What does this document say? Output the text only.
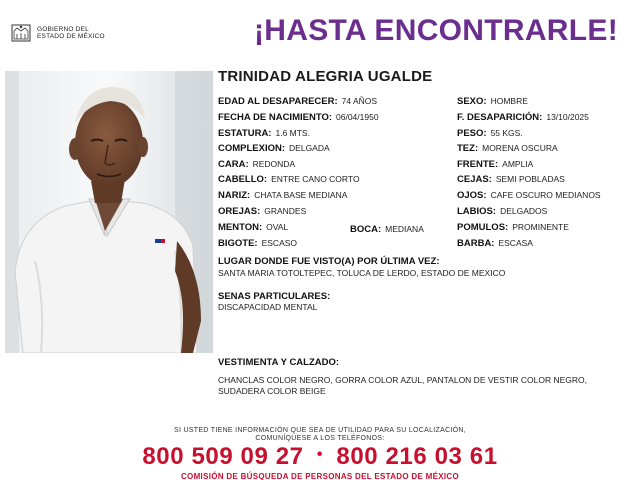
GOBIERNO DEL
ESTADO DE MÉXICO	¡HASTA ENCONTRARLE!
TRINIDAD ALEGRIA UGALDE
EDAD AL DESAPARECER: 74 AÑOS
FECHA DE NACIMIENTO: 06/04/1950
ESTATURA: 1.6 MTS.
COMPLEXION: DELGADA
CARA: REDONDA
CABELLO: ENTRE CANO CORTO
NARIZ: CHATA BASE MEDIANA
OREJAS: GRANDES
MENTON: OVAL	BOCA: MEDIANA
BIGOTE: ESCASO
SEXO: HOMBRE
F. DESAPARICIÓN: 13/10/2025
PESO: 55 KGS.
TEZ: MORENA OSCURA
FRENTE: AMPLIA
CEJAS: SEMI POBLADAS
OJOS: CAFE OSCURO MEDIANOS
LABIOS: DELGADOS
POMULOS: PROMINENTE
BARBA: ESCASA
LUGAR DONDE FUE VISTO(A) POR ÚLTIMA VEZ:
SANTA MARIA TOTOLTEPEC, TOLUCA DE LERDO, ESTADO DE MEXICO
SENAS PARTICULARES:
DISCAPACIDAD MENTAL
VESTIMENTA Y CALZADO:
CHANCLAS COLOR NEGRO, GORRA COLOR AZUL, PANTALON DE VESTIR COLOR NEGRO, SUDADERA COLOR BEIGE
SI USTED TIENE INFORMACIÓN QUE SEA DE UTILIDAD PARA SU LOCALIZACIÓN,
COMUNÍQUESE A LOS TELÉFONOS:
800 509 09 27 • 800 216 03 61
COMISIÓN DE BÚSQUEDA DE PERSONAS DEL ESTADO DE MÉXICO
